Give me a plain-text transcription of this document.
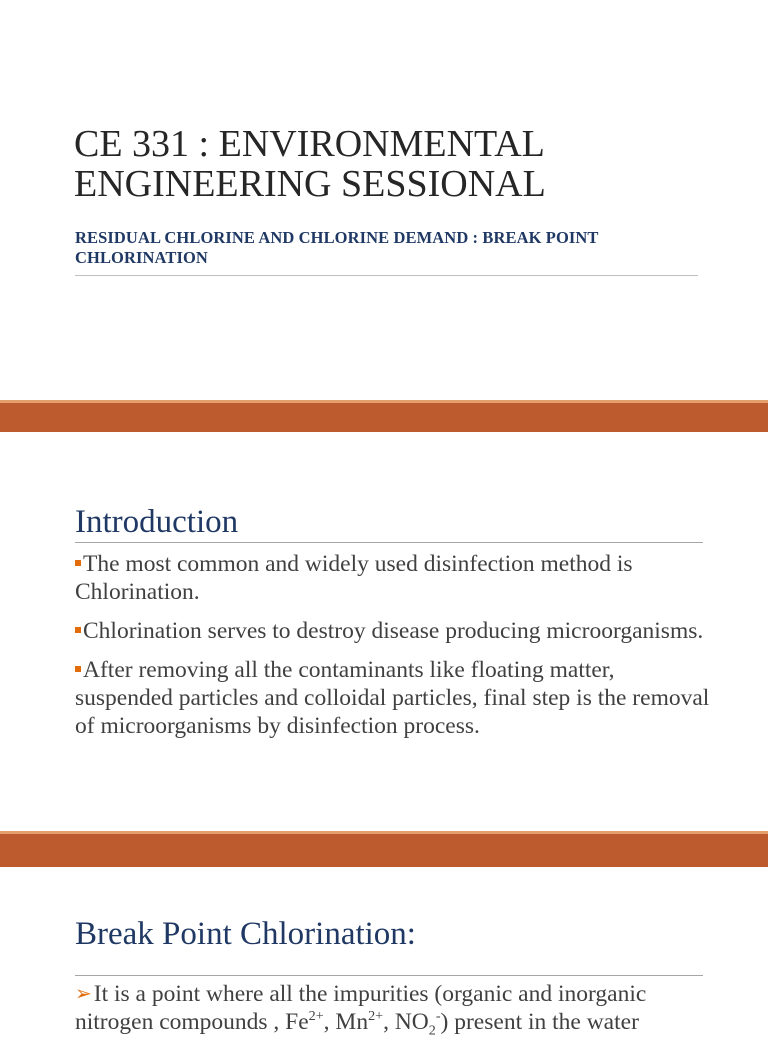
CE 331 : ENVIRONMENTAL ENGINEERING SESSIONAL

RESIDUAL CHLORINE AND CHLORINE DEMAND : BREAK POINT CHLORINATION

Introduction
The most common and widely used disinfection method is Chlorination.
Chlorination serves to destroy disease producing microorganisms.
After removing all the contaminants like floating matter, suspended particles and colloidal particles, final step is the removal of microorganisms by disinfection process.
Break Point Chlorination:
➢It is a point where all the impurities (organic and inorganic
nitrogen compounds , $Fe^{2+}$, $Mn^{2+}$, $NO_2^-$) present in the water
